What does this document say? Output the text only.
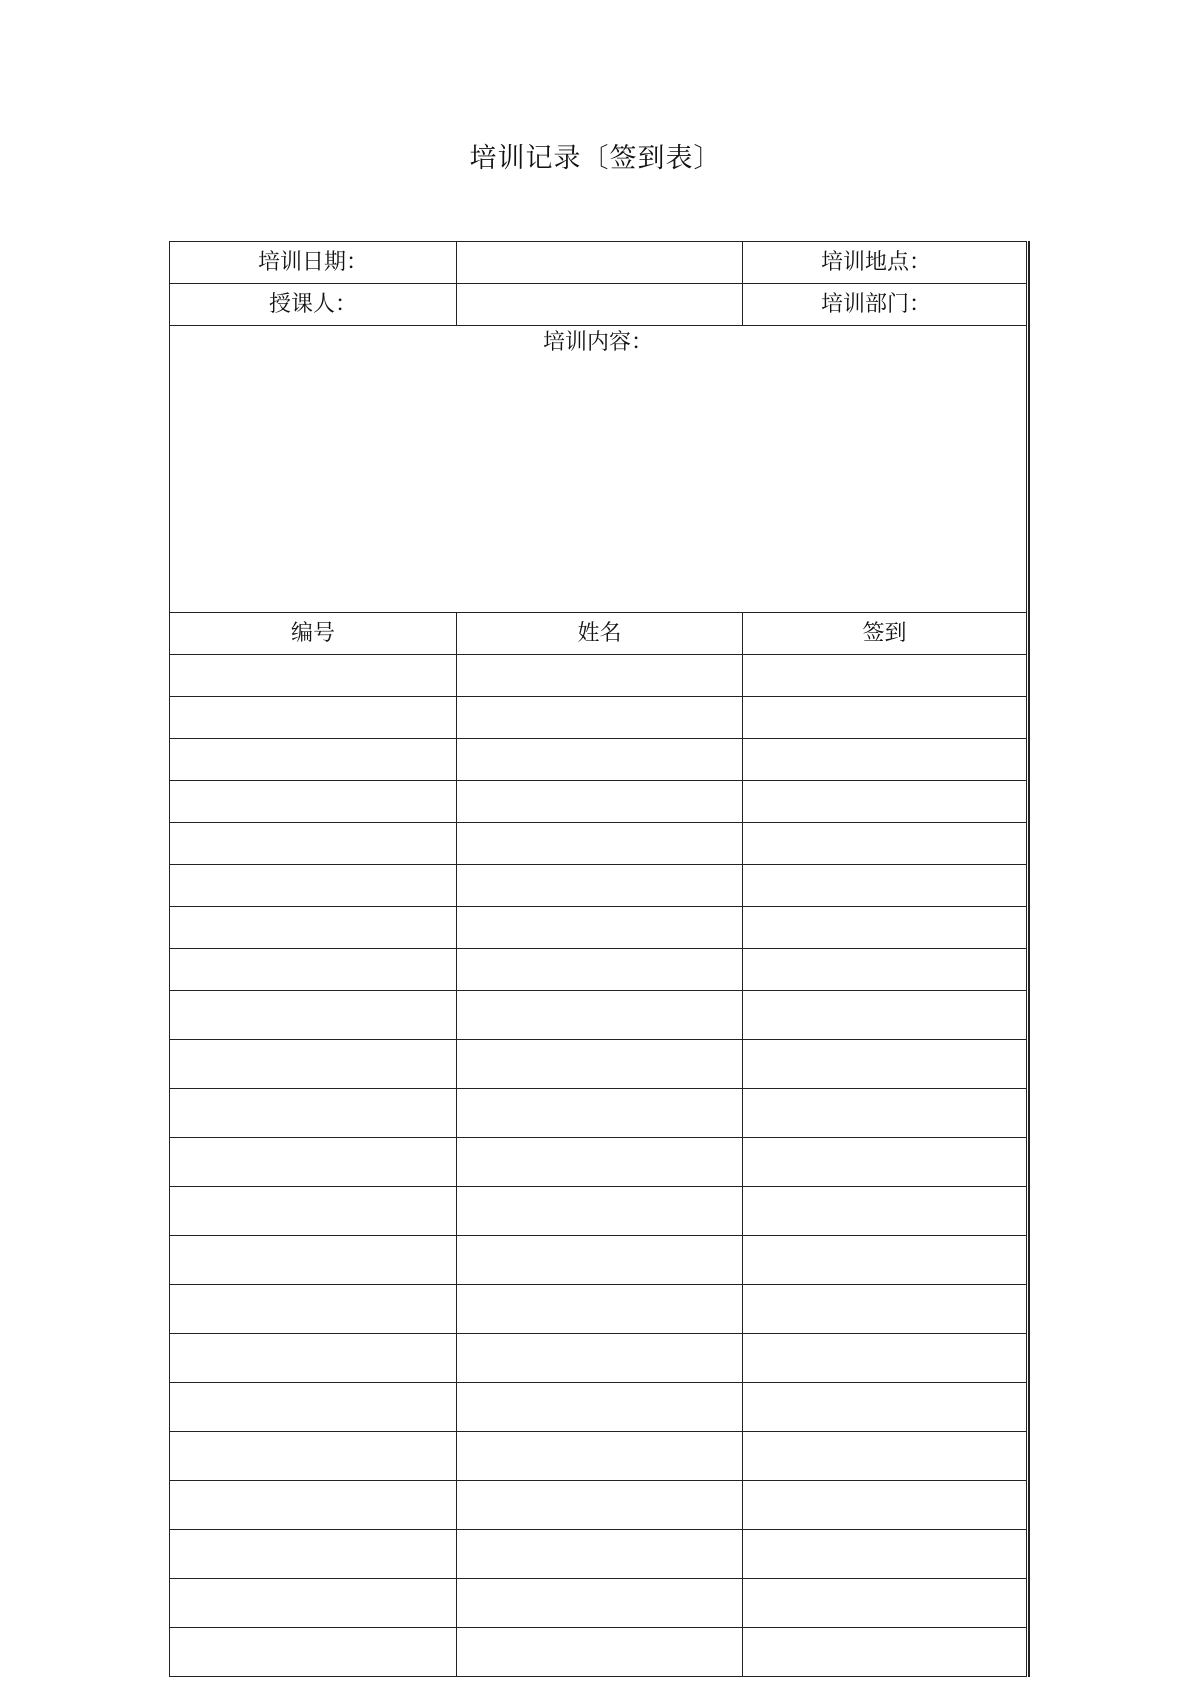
培训记录〔签到表〕
培训日期：		培训地点：
授课人：		培训部门：

培训内容：		

编号	姓名	签到
